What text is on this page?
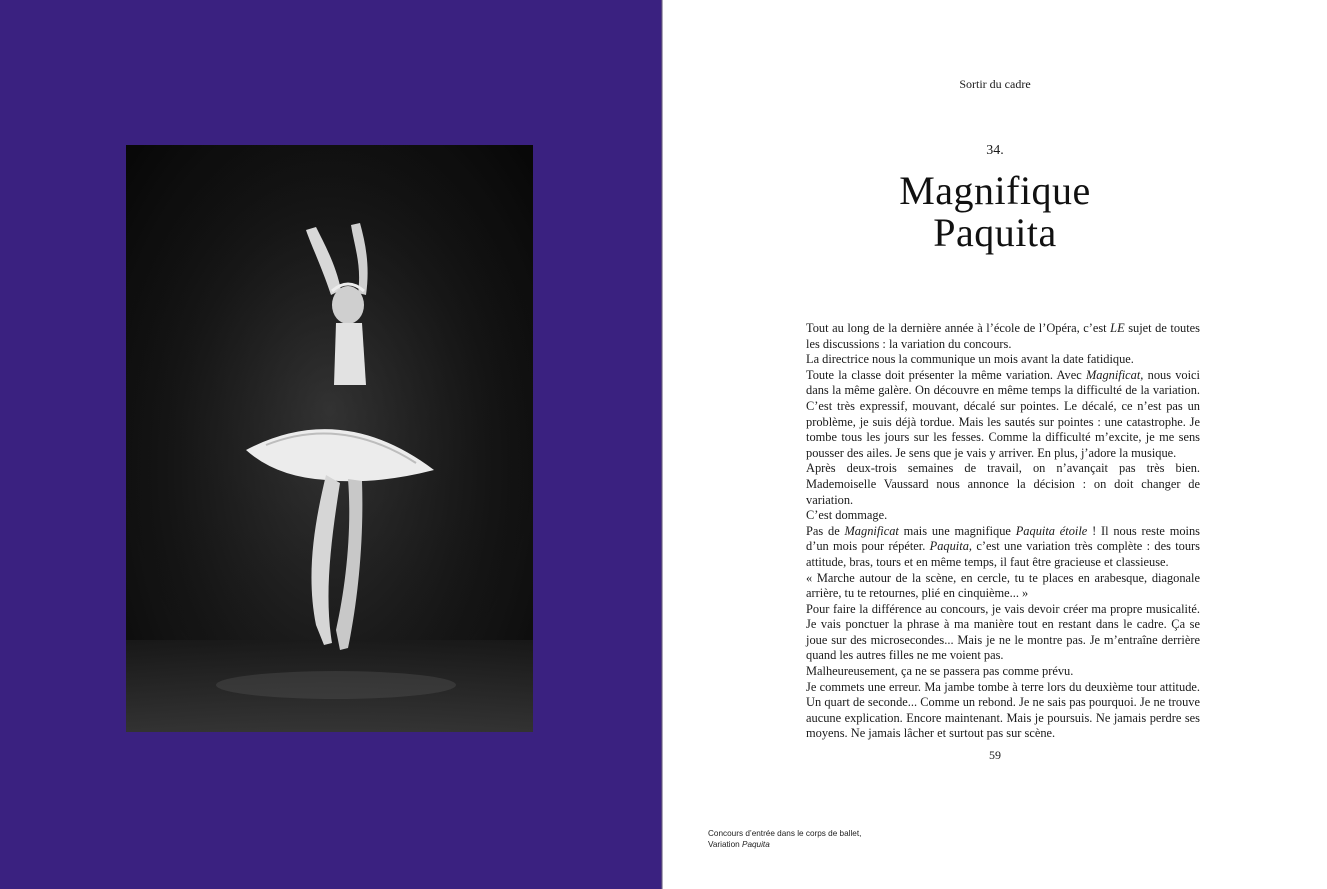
Sortir du cadre
34.
Magnifique
Paquita

Tout au long de la dernière année à l’école de l’Opéra, c’est LE sujet de toutes les discussions : la variation du concours.

La directrice nous la communique un mois avant la date fatidique.

Toute la classe doit présenter la même variation. Avec Magnificat, nous voici dans la même galère. On découvre en même temps la difficulté de la variation. C’est très expressif, mouvant, décalé sur pointes. Le décalé, ce n’est pas un problème, je suis déjà tordue. Mais les sautés sur pointes : une catastrophe. Je tombe tous les jours sur les fesses. Comme la difficulté m’excite, je me sens pousser des ailes. Je sens que je vais y arriver. En plus, j’adore la musique.

Après deux-trois semaines de travail, on n’avançait pas très bien. Mademoiselle Vaussard nous annonce la décision : on doit changer de variation.

C’est dommage.

Pas de Magnificat mais une magnifique Paquita étoile ! Il nous reste moins d’un mois pour répéter. Paquita, c’est une variation très complète : des tours attitude, bras, tours et en même temps, il faut être gracieuse et classieuse.

« Marche autour de la scène, en cercle, tu te places en arabesque, diagonale arrière, tu te retournes, plié en cinquième... »

Pour faire la différence au concours, je vais devoir créer ma propre musicalité. Je vais ponctuer la phrase à ma manière tout en restant dans le cadre. Ça se joue sur des microsecondes... Mais je ne le montre pas. Je m’entraîne derrière quand les autres filles ne me voient pas.

Malheureusement, ça ne se passera pas comme prévu.

Je commets une erreur. Ma jambe tombe à terre lors du deuxième tour attitude. Un quart de seconde... Comme un rebond. Je ne sais pas pourquoi. Je ne trouve aucune explication. Encore maintenant. Mais je poursuis. Ne jamais perdre ses moyens. Ne jamais lâcher et surtout pas sur scène.

59
Concours d’entrée dans le corps de ballet,
Variation Paquita
